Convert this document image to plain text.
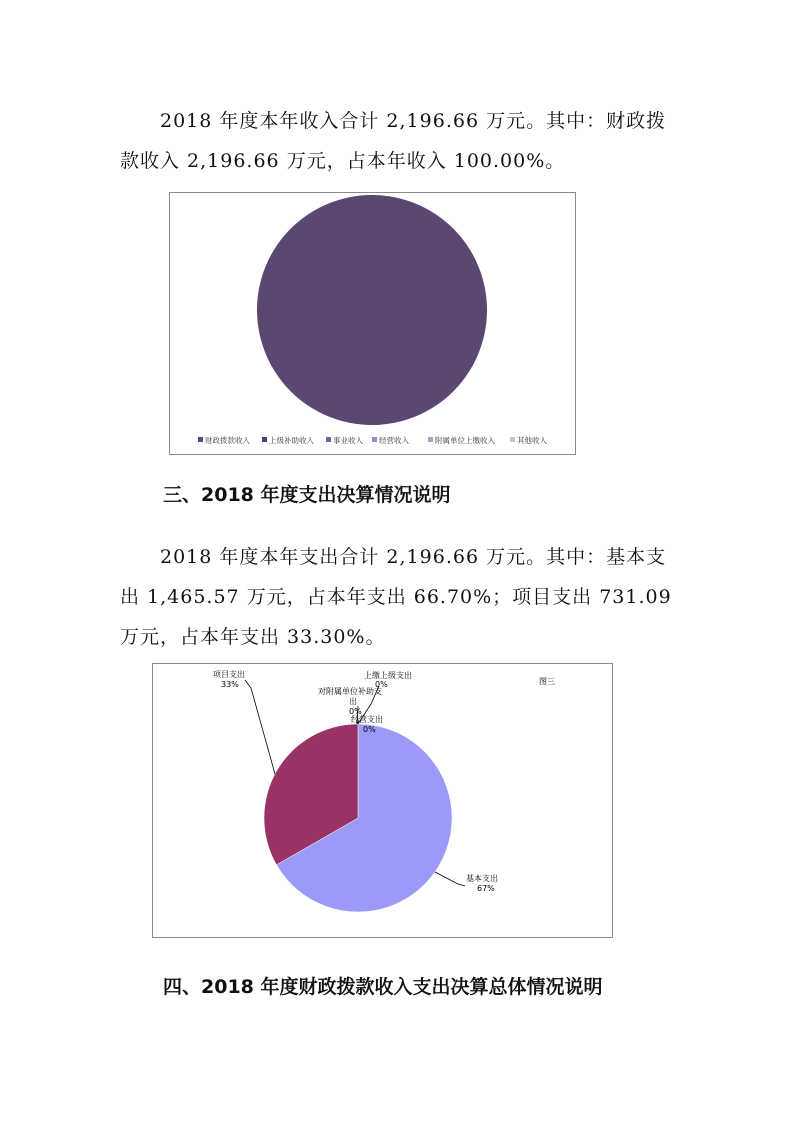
2018 年度本年收入合计 2,196.66 万元。其中：财政拨
款收入 2,196.66 万元，占本年收入 100.00%。

财政拨款收入	上级补助收入	事业收入 经营收入	附属单位上缴收入	其他收入
三、2018 年度支出决算情况说明

2018 年度本年支出合计 2,196.66 万元。其中：基本支
出 1,465.57 万元，占本年支出 66.70%；项目支出 731.09
万元，占本年支出 33.30%。

图三
项目支出
33%
上缴上级支出
0%
对附属单位补助支
出
0%
经营支出
0%
基本支出
67%
四、2018 年度财政拨款收入支出决算总体情况说明
